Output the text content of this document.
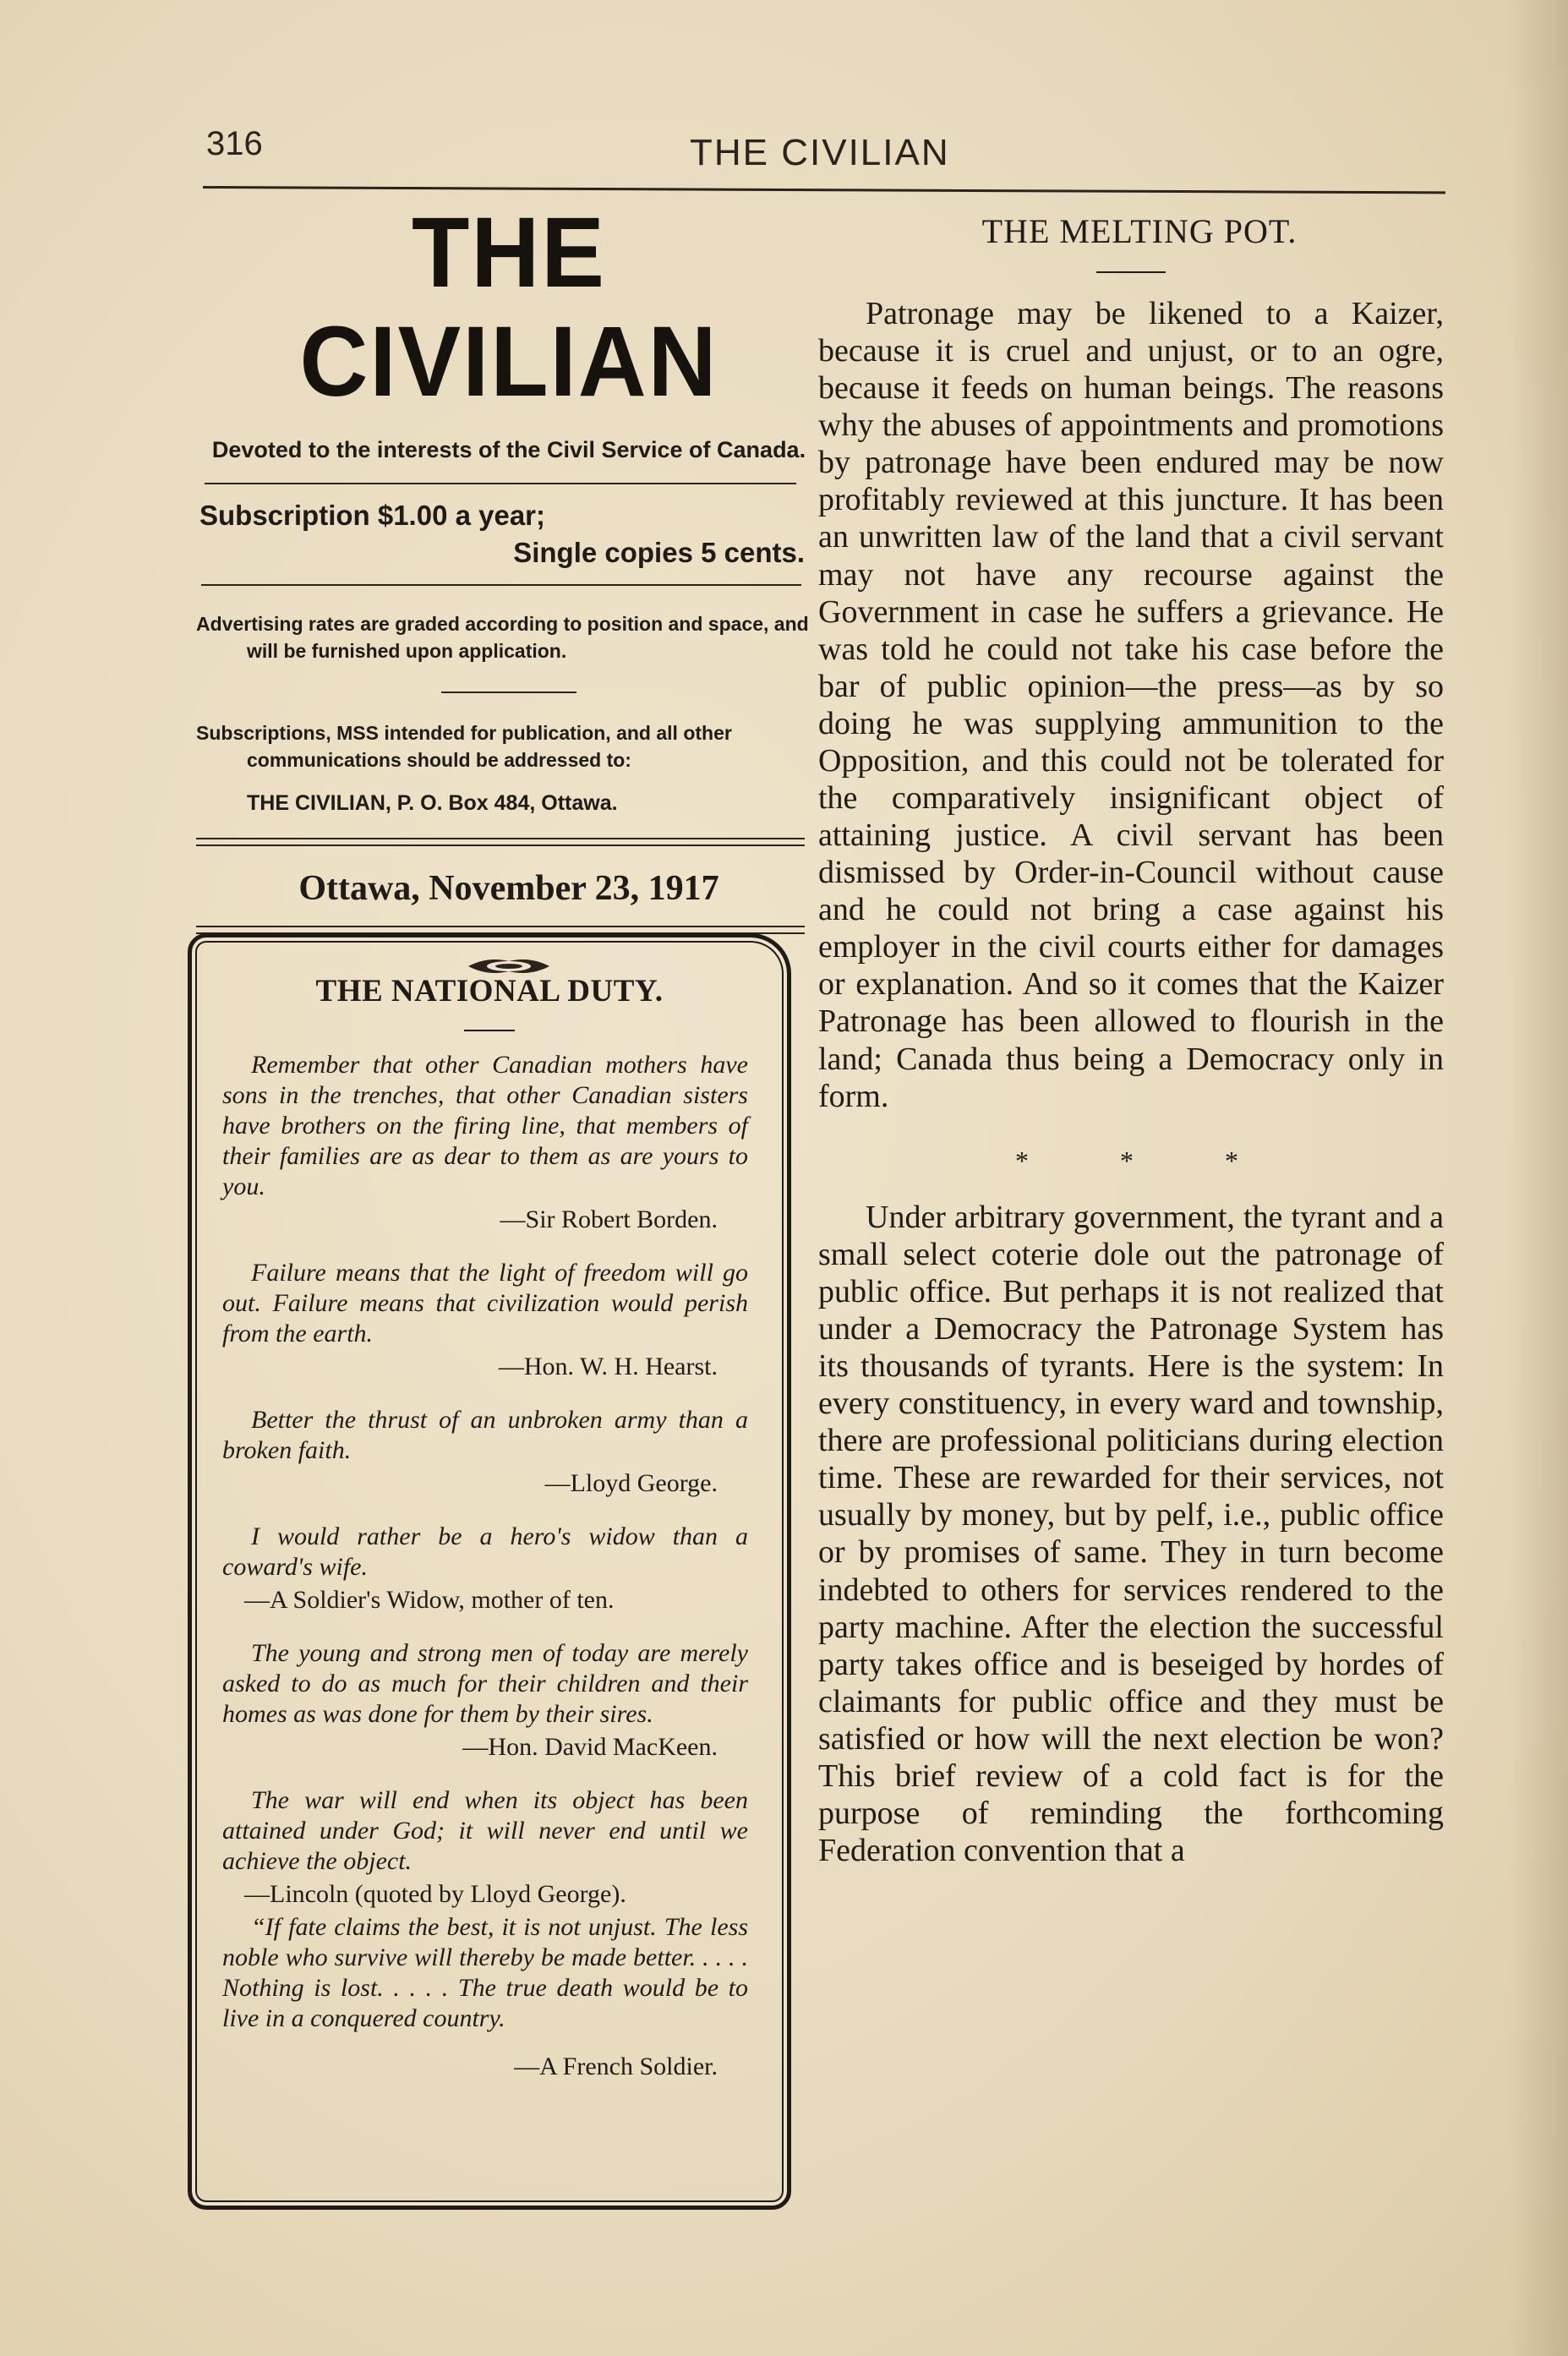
316	THE CIVILIAN
THE CIVILIAN

Devoted to the interests of the Civil Service of Canada.

Subscription $1.00 a year;

Single copies 5 cents.

Advertising rates are graded according to position and space, and will be furnished upon application.

Subscriptions, MSS intended for publication, and all other communications should be addressed to:

THE CIVILIAN, P. O. Box 484, Ottawa.

Ottawa, November 23, 1917

THE NATIONAL DUTY.

Remember that other Canadian mothers have sons in the trenches, that other Canadian sisters have brothers on the firing line, that members of their families are as dear to them as are yours to you.

—Sir Robert Borden.

Failure means that the light of freedom will go out. Failure means that civilization would perish from the earth.

—Hon. W. H. Hearst.

Better the thrust of an unbroken army than a broken faith.

—Lloyd George.

I would rather be a hero's widow than a coward's wife.

—A Soldier's Widow, mother of ten.

The young and strong men of today are merely asked to do as much for their children and their homes as was done for them by their sires.

—Hon. David MacKeen.

The war will end when its object has been attained under God; it will never end until we achieve the object.

—Lincoln (quoted by Lloyd George).

“If fate claims the best, it is not unjust. The less noble who survive will thereby be made better. . . . . Nothing is lost. . . . . The true death would be to live in a conquered country.

—A French Soldier.

THE MELTING POT.

Patronage may be likened to a Kaizer, because it is cruel and unjust, or to an ogre, because it feeds on human beings. The reasons why the abuses of appointments and promotions by patronage have been endured may be now profitably reviewed at this juncture. It has been an unwritten law of the land that a civil servant may not have any recourse against the Government in case he suffers a grievance. He was told he could not take his case before the bar of public opinion—the press—as by so doing he was supplying ammunition to the Opposition, and this could not be tolerated for the comparatively insignificant object of attaining justice. A civil servant has been dismissed by Order-in-Council without cause and he could not bring a case against his employer in the civil courts either for damages or explanation. And so it comes that the Kaizer Patronage has been allowed to flourish in the land; Canada thus being a Democracy only in form.

* * *

Under arbitrary government, the tyrant and a small select coterie dole out the patronage of public office. But perhaps it is not realized that under a Democracy the Patronage System has its thousands of tyrants. Here is the system: In every constituency, in every ward and township, there are professional politicians during election time. These are rewarded for their services, not usually by money, but by pelf, i.e., public office or by promises of same. They in turn become indebted to others for services rendered to the party machine. After the election the successful party takes office and is beseiged by hordes of claimants for public office and they must be satisfied or how will the next election be won? This brief review of a cold fact is for the purpose of reminding the forthcoming Federation convention that a
